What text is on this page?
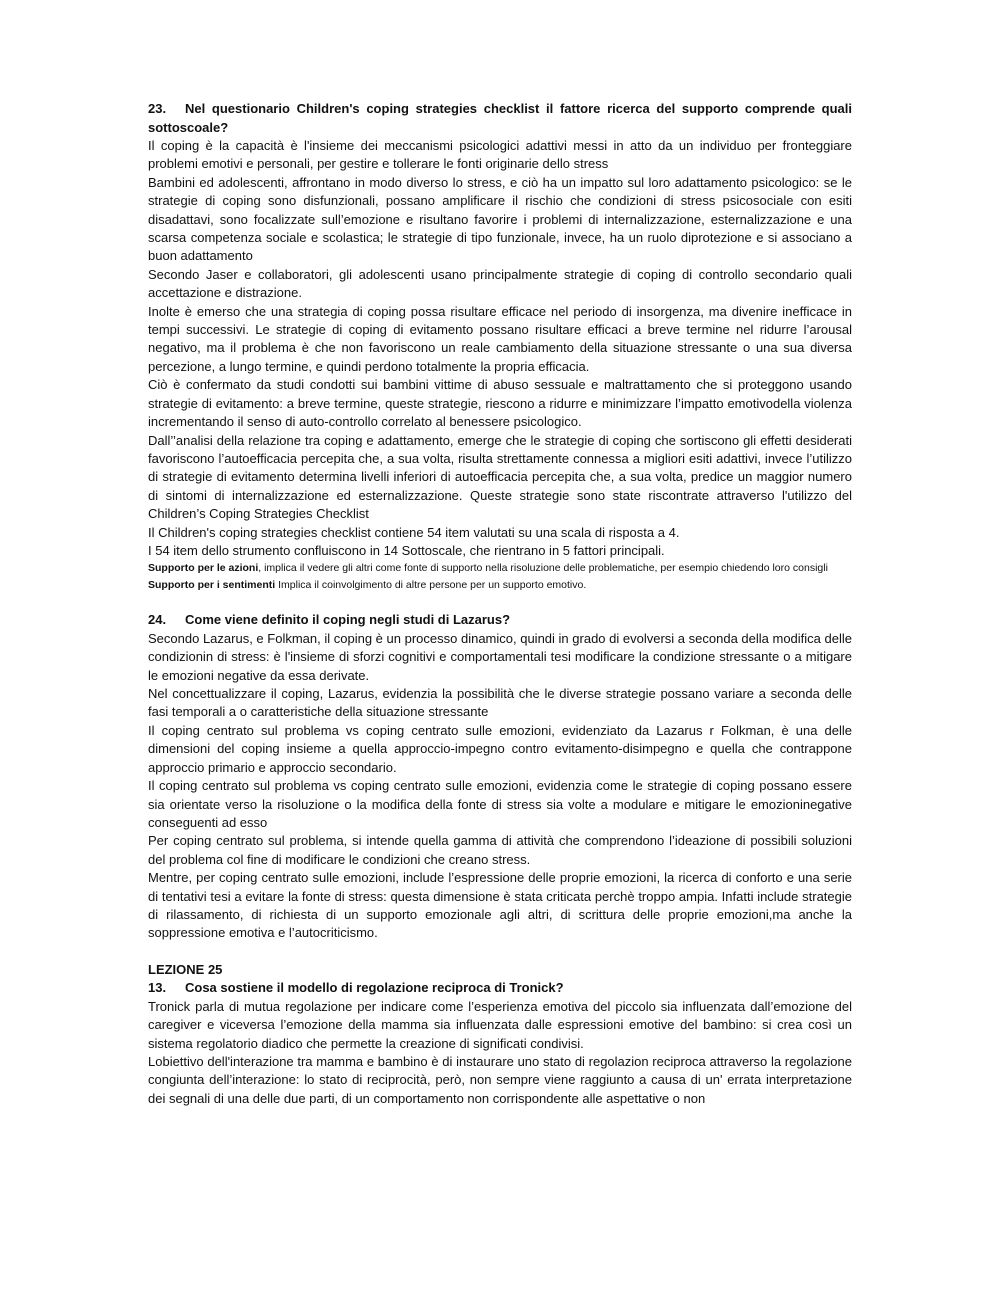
23. Nel questionario Children's coping strategies checklist il fattore ricerca del supporto comprende quali sottoscoale?

Il coping è la capacità è l'insieme dei meccanismi psicologici adattivi messi in atto da un individuo per fronteggiare problemi emotivi e personali, per gestire e tollerare le fonti originarie dello stress

Bambini ed adolescenti, affrontano in modo diverso lo stress, e ciò ha un impatto sul loro adattamento psicologico: se le strategie di coping sono disfunzionali, possano amplificare il rischio che condizioni di stress psicosociale con esiti disadattavi, sono focalizzate sull’emozione e risultano favorire i problemi di internalizzazione, esternalizzazione e una scarsa competenza sociale e scolastica; le strategie di tipo funzionale, invece, ha un ruolo diprotezione e si associano a buon adattamento

Secondo Jaser e collaboratori, gli adolescenti usano principalmente strategie di coping di controllo secondario quali accettazione e distrazione.

Inolte è emerso che una strategia di coping possa risultare efficace nel periodo di insorgenza, ma divenire inefficace in tempi successivi. Le strategie di coping di evitamento possano risultare efficaci a breve termine nel ridurre l’arousal negativo, ma il problema è che non favoriscono un reale cambiamento della situazione stressante o una sua diversa percezione, a lungo termine, e quindi perdono totalmente la propria efficacia.

Ciò è confermato da studi condotti sui bambini vittime di abuso sessuale e maltrattamento che si proteggono usando strategie di evitamento: a breve termine, queste strategie, riescono a ridurre e minimizzare l’impatto emotivodella violenza incrementando il senso di auto-controllo correlato al benessere psicologico.

Dall’’analisi della relazione tra coping e adattamento, emerge che le strategie di coping che sortiscono gli effetti desiderati favoriscono l’autoefficacia percepita che, a sua volta, risulta strettamente connessa a migliori esiti adattivi, invece l’utilizzo di strategie di evitamento determina livelli inferiori di autoefficacia percepita che, a sua volta, predice un maggior numero di sintomi di internalizzazione ed esternalizzazione. Queste strategie sono state riscontrate attraverso l'utilizzo del Children’s Coping Strategies Checklist

Il Children's coping strategies checklist contiene 54 item valutati su una scala di risposta a 4.

I 54 item dello strumento confluiscono in 14 Sottoscale, che rientrano in 5 fattori principali.

Supporto per le azioni, implica il vedere gli altri come fonte di supporto nella risoluzione delle problematiche, per esempio chiedendo loro consigli

Supporto per i sentimenti Implica il coinvolgimento di altre persone per un supporto emotivo.

24.	Come viene definito il coping negli studi di Lazarus?

Secondo Lazarus, e Folkman, il coping è un processo dinamico, quindi in grado di evolversi a seconda della modifica delle condizionin di stress: è l'insieme di sforzi cognitivi e comportamentali tesi modificare la condizione stressante o a mitigare le emozioni negative da essa derivate.

Nel concettualizzare il coping, Lazarus, evidenzia la possibilità che le diverse strategie possano variare a seconda delle fasi temporali a o caratteristiche della situazione stressante

Il coping centrato sul problema vs coping centrato sulle emozioni, evidenziato da Lazarus r Folkman, è una delle dimensioni del coping insieme a quella approccio-impegno contro evitamento-disimpegno e quella che contrappone approccio primario e approccio secondario.

Il coping centrato sul problema vs coping centrato sulle emozioni, evidenzia come le strategie di coping possano essere sia orientate verso la risoluzione o la modifica della fonte di stress sia volte a modulare e mitigare le emozioninegative conseguenti ad esso

Per coping centrato sul problema, si intende quella gamma di attività che comprendono l’ideazione di possibili soluzioni del problema col fine di modificare le condizioni che creano stress.

Mentre, per coping centrato sulle emozioni, include l’espressione delle proprie emozioni, la ricerca di conforto e una serie di tentativi tesi a evitare la fonte di stress: questa dimensione è stata criticata perchè troppo ampia. Infatti include strategie di rilassamento, di richiesta di un supporto emozionale agli altri, di scrittura delle proprie emozioni,ma anche la soppressione emotiva e l’autocriticismo.

LEZIONE 25
13.	Cosa sostiene il modello di regolazione reciproca di Tronick?

Tronick parla di mutua regolazione per indicare come l’esperienza emotiva del piccolo sia influenzata dall’emozione del caregiver e viceversa l’emozione della mamma sia influenzata dalle espressioni emotive del bambino: si crea così un sistema regolatorio diadico che permette la creazione di significati condivisi.

Lobiettivo dell'interazione tra mamma e bambino è di instaurare uno stato di regolazion reciproca attraverso la regolazione congiunta dell’interazione: lo stato di reciprocità, però, non sempre viene raggiunto a causa di un' errata interpretazione dei segnali di una delle due parti, di un comportamento non corrispondente alle aspettative o non
